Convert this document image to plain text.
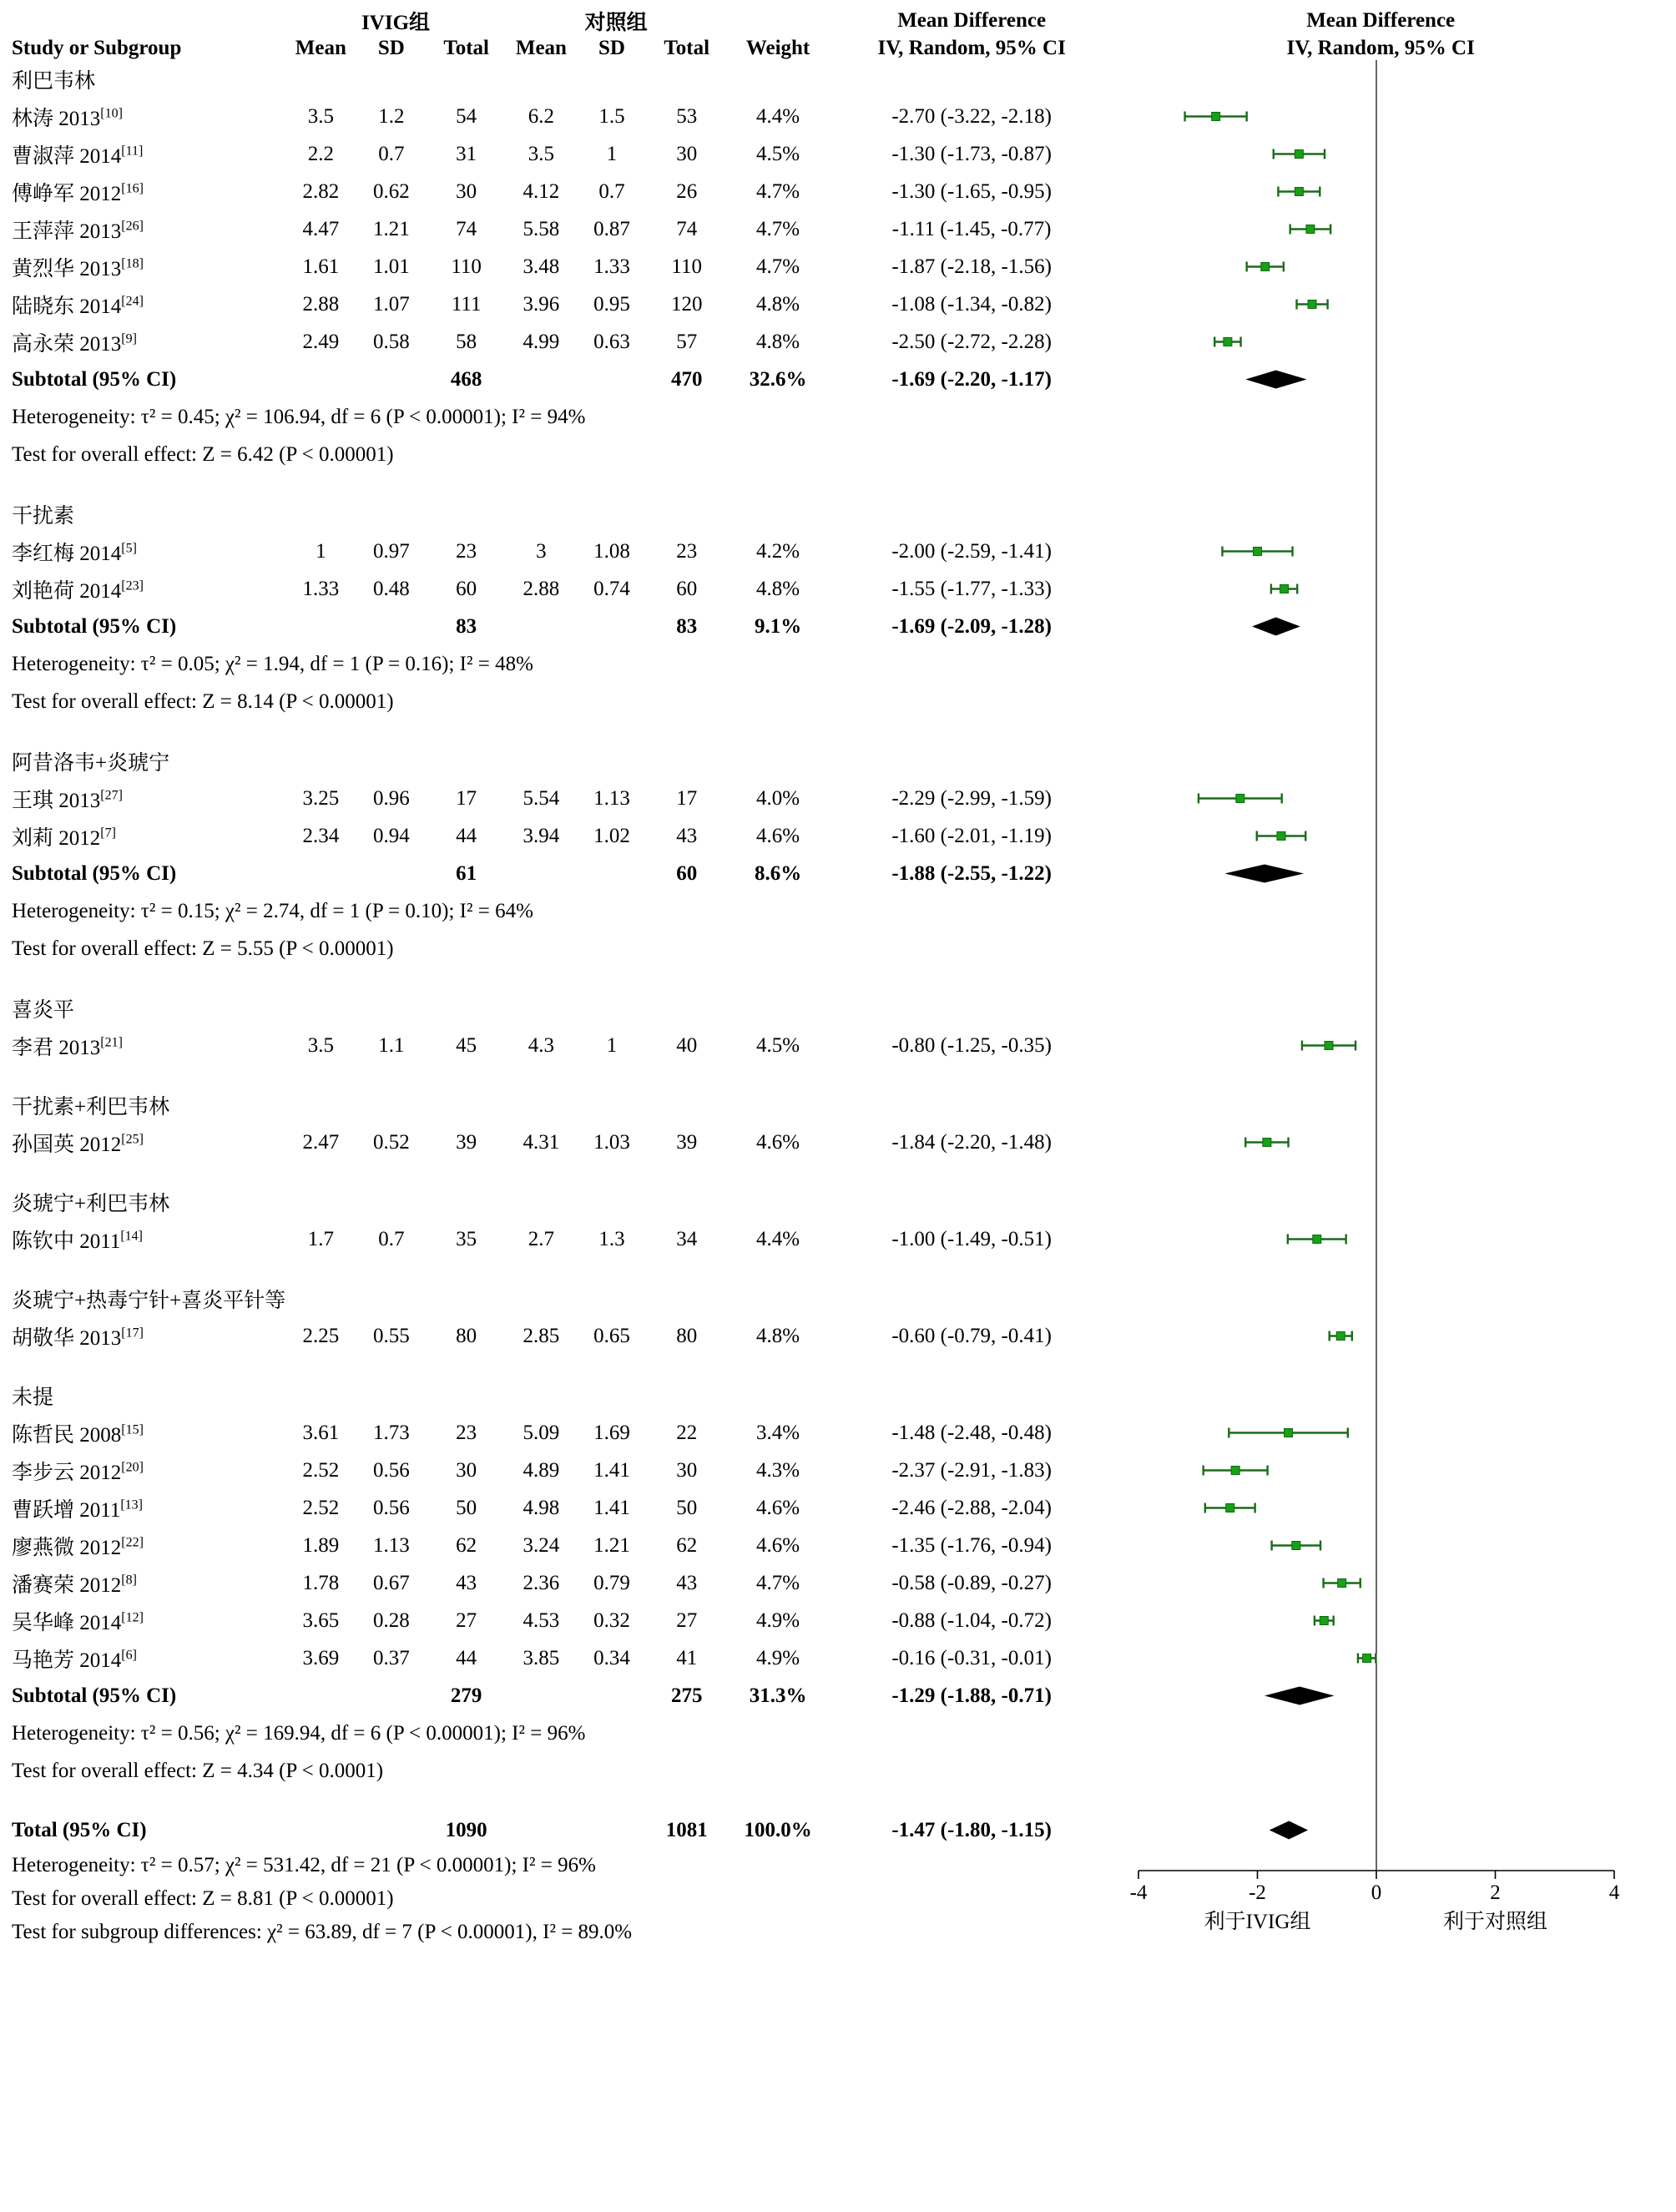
	IVIG组			对照组				Mean Difference	Mean Difference
Study or Subgroup	Mean	SD	Total	Mean	SD	Total	Weight	IV, Random, 95% CI	IV, Random, 95% CI
利巴韦林	

林涛 2013[10]	3.5	1.2	54	6.2	1.5	53	4.4%	-2.70 (-3.22, -2.18)	

曹淑萍 2014[11]	2.2	0.7	31	3.5	1	30	4.5%	-1.30 (-1.73, -0.87)	

傅峥军 2012[16]	2.82	0.62	30	4.12	0.7	26	4.7%	-1.30 (-1.65, -0.95)	

王萍萍 2013[26]	4.47	1.21	74	5.58	0.87	74	4.7%	-1.11 (-1.45, -0.77)	

黄烈华 2013[18]	1.61	1.01	110	3.48	1.33	110	4.7%	-1.87 (-2.18, -1.56)	

陆晓东 2014[24]	2.88	1.07	111	3.96	0.95	120	4.8%	-1.08 (-1.34, -0.82)	

高永荣 2013[9]	2.49	0.58	58	4.99	0.63	57	4.8%	-2.50 (-2.72, -2.28)	

Subtotal (95% CI)			468			470	32.6%	-1.69 (-2.20, -1.17)	

Heterogeneity: τ² = 0.45; χ² = 106.94, df = 6 (P < 0.00001); I² = 94%	

Test for overall effect: Z = 6.42 (P < 0.00001)	

干扰素	

李红梅 2014[5]	1	0.97	23	3	1.08	23	4.2%	-2.00 (-2.59, -1.41)	

刘艳荷 2014[23]	1.33	0.48	60	2.88	0.74	60	4.8%	-1.55 (-1.77, -1.33)	

Subtotal (95% CI)			83			83	9.1%	-1.69 (-2.09, -1.28)	

Heterogeneity: τ² = 0.05; χ² = 1.94, df = 1 (P = 0.16); I² = 48%	

Test for overall effect: Z = 8.14 (P < 0.00001)	

阿昔洛韦+炎琥宁	

王琪 2013[27]	3.25	0.96	17	5.54	1.13	17	4.0%	-2.29 (-2.99, -1.59)	

刘莉 2012[7]	2.34	0.94	44	3.94	1.02	43	4.6%	-1.60 (-2.01, -1.19)	

Subtotal (95% CI)			61			60	8.6%	-1.88 (-2.55, -1.22)	

Heterogeneity: τ² = 0.15; χ² = 2.74, df = 1 (P = 0.10); I² = 64%	

Test for overall effect: Z = 5.55 (P < 0.00001)	

喜炎平	

李君 2013[21]	3.5	1.1	45	4.3	1	40	4.5%	-0.80 (-1.25, -0.35)	

干扰素+利巴韦林	

孙国英 2012[25]	2.47	0.52	39	4.31	1.03	39	4.6%	-1.84 (-2.20, -1.48)	

炎琥宁+利巴韦林	

陈钦中 2011[14]	1.7	0.7	35	2.7	1.3	34	4.4%	-1.00 (-1.49, -0.51)	

炎琥宁+热毒宁针+喜炎平针等	

胡敬华 2013[17]	2.25	0.55	80	2.85	0.65	80	4.8%	-0.60 (-0.79, -0.41)	

未提	

陈哲民 2008[15]	3.61	1.73	23	5.09	1.69	22	3.4%	-1.48 (-2.48, -0.48)	

李步云 2012[20]	2.52	0.56	30	4.89	1.41	30	4.3%	-2.37 (-2.91, -1.83)	

曹跃增 2011[13]	2.52	0.56	50	4.98	1.41	50	4.6%	-2.46 (-2.88, -2.04)	

廖燕微 2012[22]	1.89	1.13	62	3.24	1.21	62	4.6%	-1.35 (-1.76, -0.94)	

潘赛荣 2012[8]	1.78	0.67	43	2.36	0.79	43	4.7%	-0.58 (-0.89, -0.27)	

吴华峰 2014[12]	3.65	0.28	27	4.53	0.32	27	4.9%	-0.88 (-1.04, -0.72)	

马艳芳 2014[6]	3.69	0.37	44	3.85	0.34	41	4.9%	-0.16 (-0.31, -0.01)	

Subtotal (95% CI)			279			275	31.3%	-1.29 (-1.88, -0.71)	

Heterogeneity: τ² = 0.56; χ² = 169.94, df = 6 (P < 0.00001); I² = 96%	

Test for overall effect: Z = 4.34 (P < 0.0001)	

Total (95% CI)			1090			1081	100.0%	-1.47 (-1.80, -1.15)	

Heterogeneity: τ² = 0.57; χ² = 531.42, df = 21 (P < 0.00001); I² = 96%	
-4	-2	0	2	4
利于IVIG组	利于对照组

Test for overall effect: Z = 8.81 (P < 0.00001)									
Test for subgroup differences: χ² = 63.89, df = 7 (P < 0.00001), I² = 89.0%									
